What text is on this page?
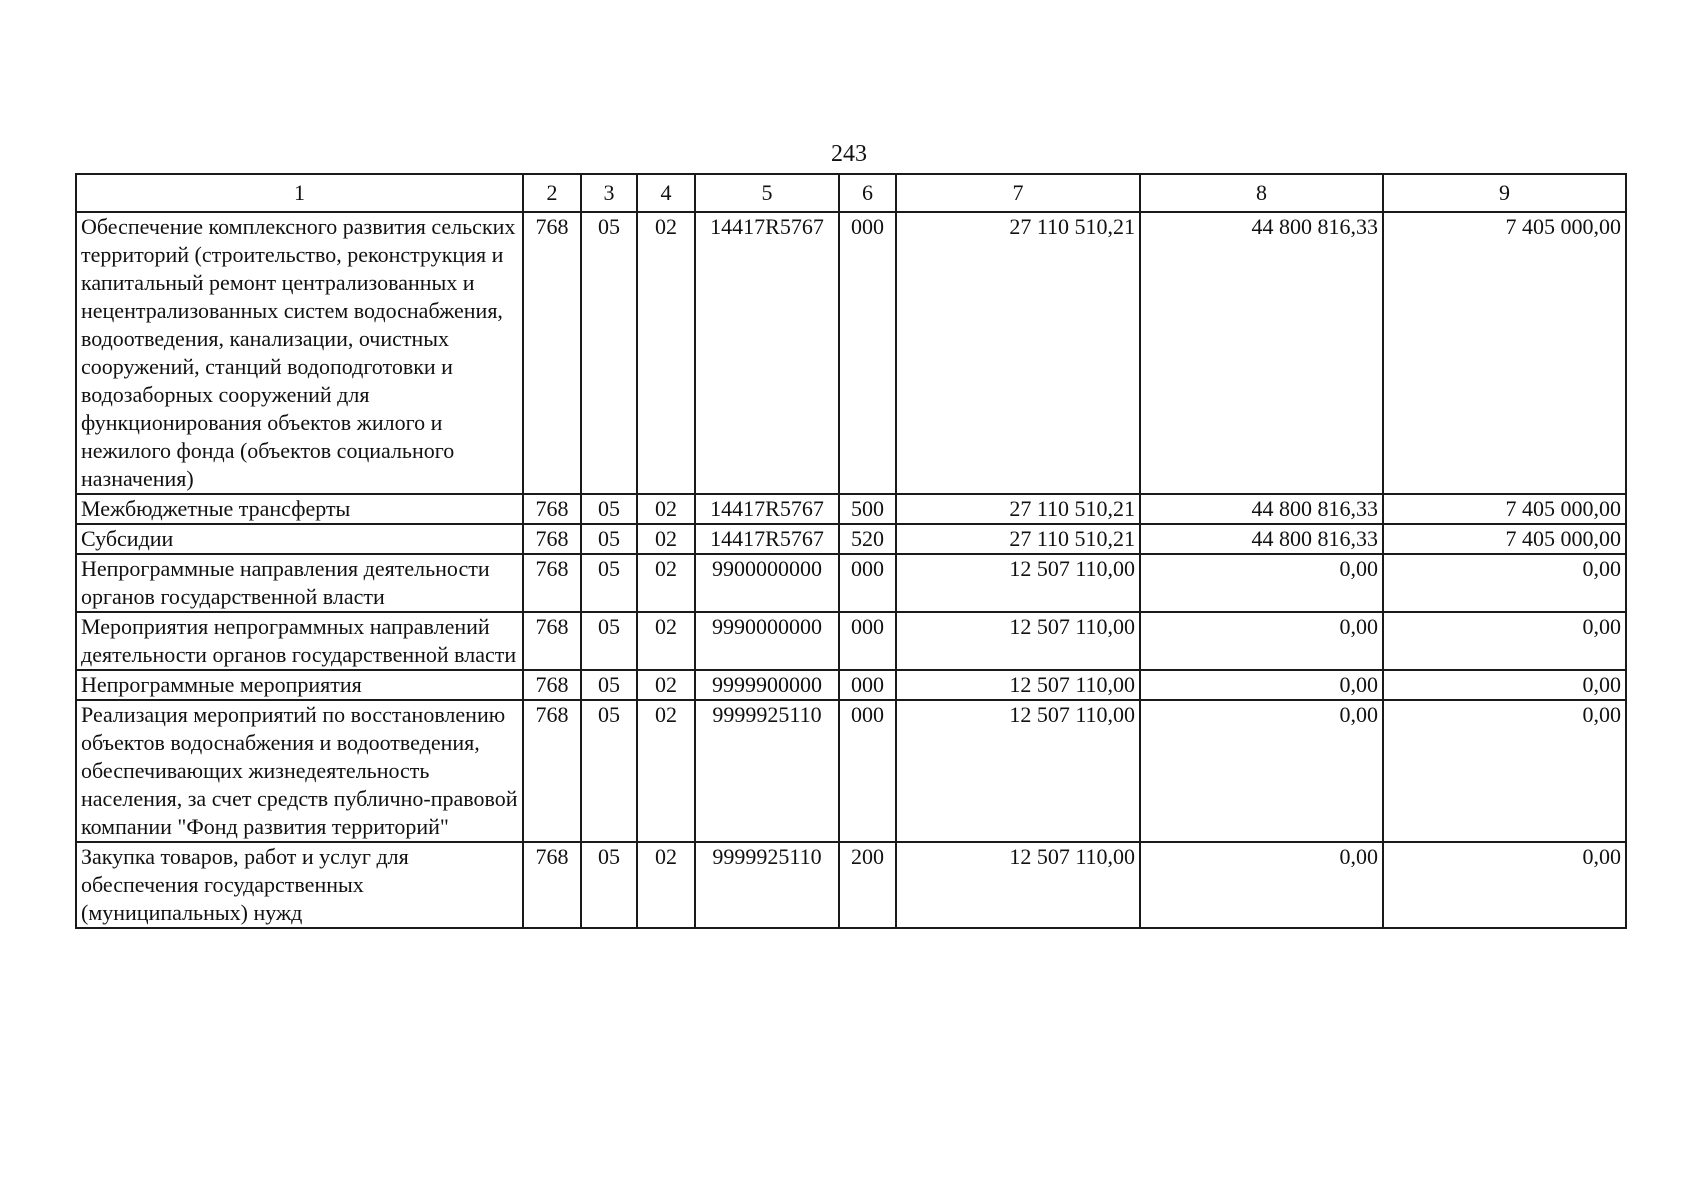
243
1	2	3	4	5	6	7	8	9
Обеспечение комплексного развития сельских территорий (строительство, реконструкция и капитальный ремонт централизованных и нецентрализованных систем водоснабжения, водоотведения, канализации, очистных сооружений, станций водоподготовки и водозаборных сооружений для функционирования объектов жилого и нежилого фонда (объектов социального назначения)	768	05	02	14417R5767	000	27 110 510,21	44 800 816,33	7 405 000,00
Межбюджетные трансферты	768	05	02	14417R5767	500	27 110 510,21	44 800 816,33	7 405 000,00
Субсидии	768	05	02	14417R5767	520	27 110 510,21	44 800 816,33	7 405 000,00
Непрограммные направления деятельности органов государственной власти	768	05	02	9900000000	000	12 507 110,00	0,00	0,00
Мероприятия непрограммных направлений деятельности органов государственной власти	768	05	02	9990000000	000	12 507 110,00	0,00	0,00
Непрограммные мероприятия	768	05	02	9999900000	000	12 507 110,00	0,00	0,00
Реализация мероприятий по восстановлению объектов водоснабжения и водоотведения, обеспечивающих жизнедеятельность населения, за счет средств публично-правовой компании "Фонд развития территорий"	768	05	02	9999925110	000	12 507 110,00	0,00	0,00
Закупка товаров, работ и услуг для обеспечения государственных (муниципальных) нужд	768	05	02	9999925110	200	12 507 110,00	0,00	0,00
